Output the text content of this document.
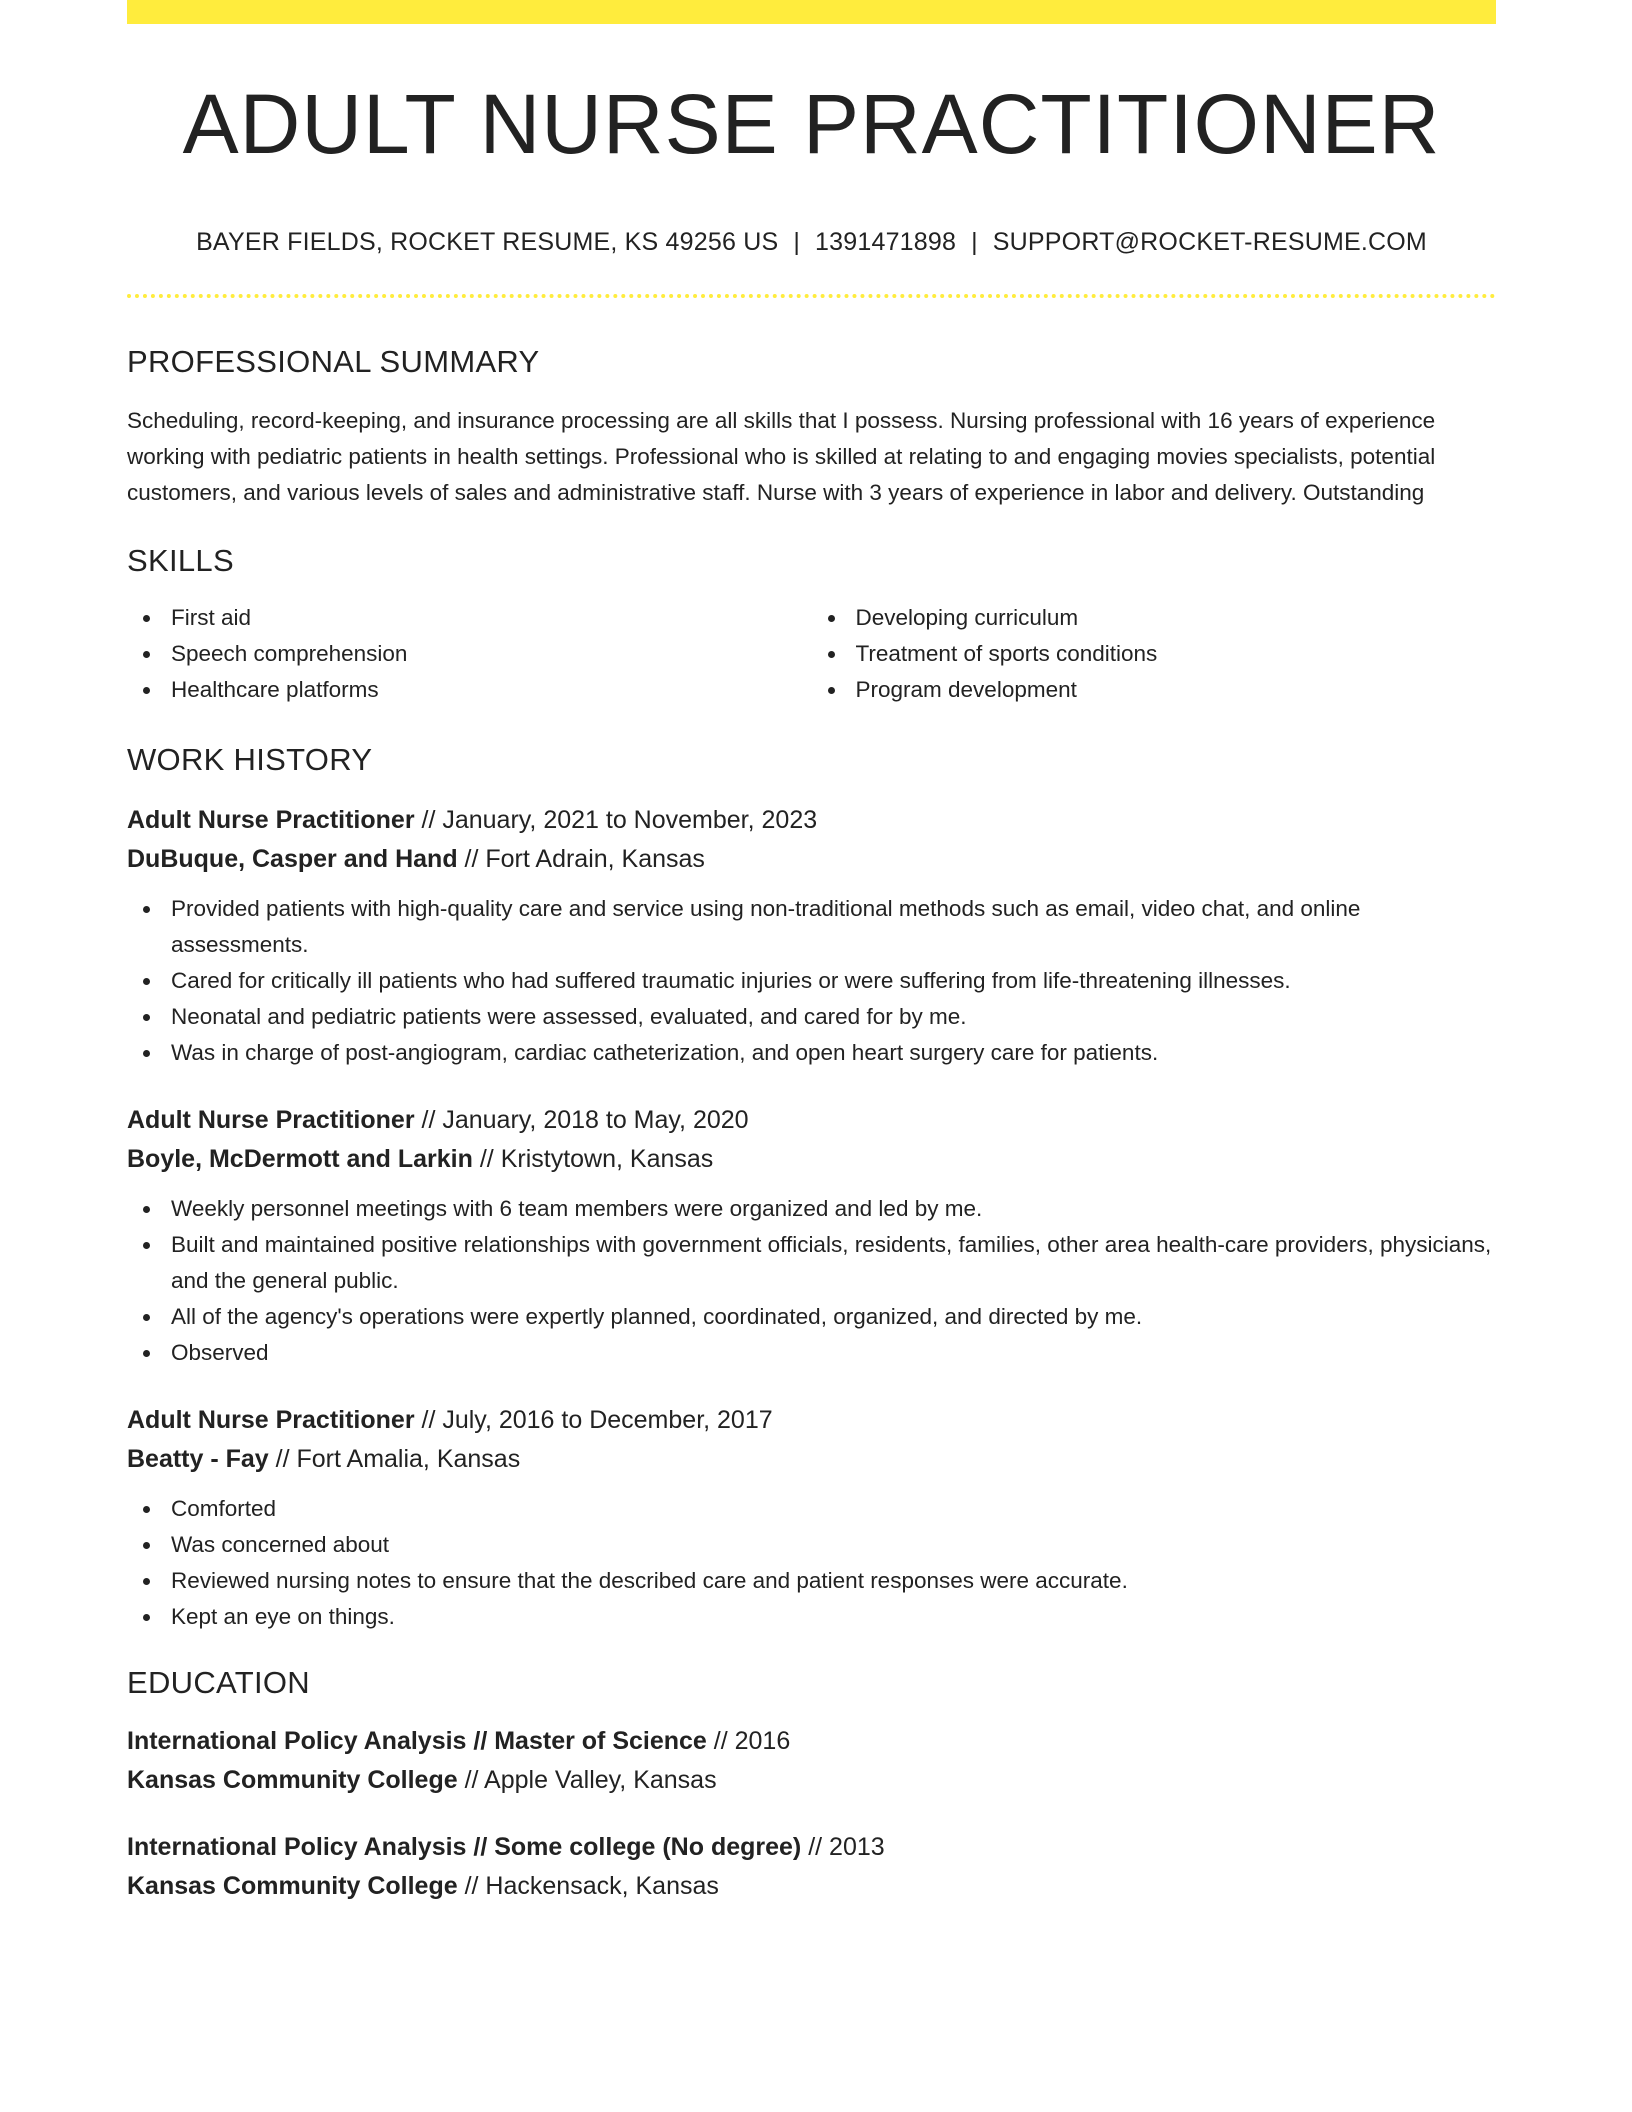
ADULT NURSE PRACTITIONER
BAYER FIELDS, ROCKET RESUME, KS 49256 US | 1391471898 | SUPPORT@ROCKET-RESUME.COM
PROFESSIONAL SUMMARY

Scheduling, record-keeping, and insurance processing are all skills that I possess. Nursing professional with 16 years of experience working with pediatric patients in health settings. Professional who is skilled at relating to and engaging movies specialists, potential customers, and various levels of sales and administrative staff. Nurse with 3 years of experience in labor and delivery. Outstanding

SKILLS
First aid
Speech comprehension
Healthcare platforms
Developing curriculum
Treatment of sports conditions
Program development
WORK HISTORY
Adult Nurse Practitioner // January, 2021 to November, 2023
DuBuque, Casper and Hand // Fort Adrain, Kansas
Provided patients with high-quality care and service using non-traditional methods such as email, video chat, and online assessments.
Cared for critically ill patients who had suffered traumatic injuries or were suffering from life-threatening illnesses.
Neonatal and pediatric patients were assessed, evaluated, and cared for by me.
Was in charge of post-angiogram, cardiac catheterization, and open heart surgery care for patients.
Adult Nurse Practitioner // January, 2018 to May, 2020
Boyle, McDermott and Larkin // Kristytown, Kansas
Weekly personnel meetings with 6 team members were organized and led by me.
Built and maintained positive relationships with government officials, residents, families, other area health-care providers, physicians, and the general public.
All of the agency's operations were expertly planned, coordinated, organized, and directed by me.
Observed
Adult Nurse Practitioner // July, 2016 to December, 2017
Beatty - Fay // Fort Amalia, Kansas
Comforted
Was concerned about
Reviewed nursing notes to ensure that the described care and patient responses were accurate.
Kept an eye on things.
EDUCATION
International Policy Analysis // Master of Science // 2016
Kansas Community College // Apple Valley, Kansas
International Policy Analysis // Some college (No degree) // 2013
Kansas Community College // Hackensack, Kansas
